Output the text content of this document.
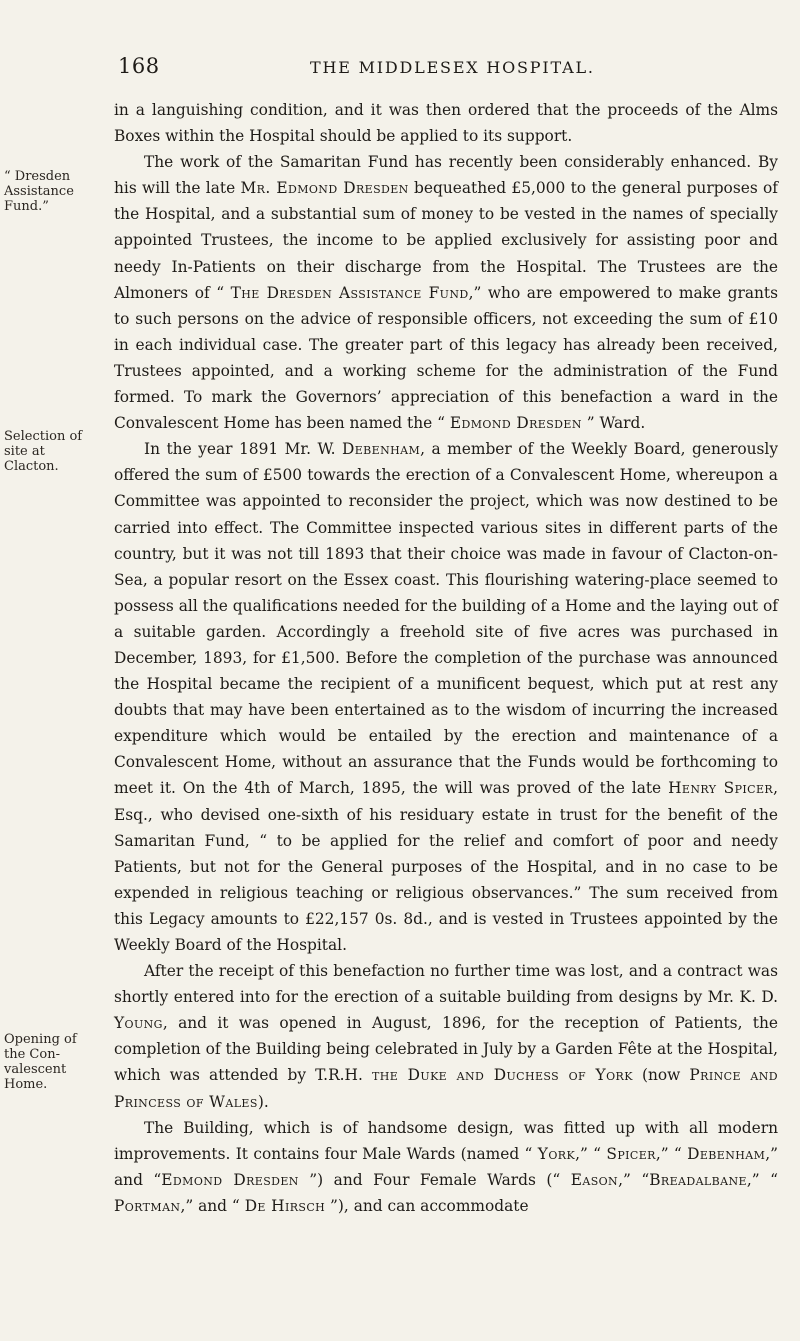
168	THE MIDDLESEX HOSPITAL.
“ Dresden Assistance Fund.”
Selection of site at Clacton.
Opening of the Con-valescent Home.

in a languishing condition, and it was then ordered that the proceeds of the Alms Boxes within the Hospital should be applied to its support.

The work of the Samaritan Fund has recently been considerably enhanced. By his will the late Mr. Edmond Dresden bequeathed £5,000 to the general purposes of the Hospital, and a substantial sum of money to be vested in the names of specially appointed Trustees, the income to be applied exclusively for assisting poor and needy In-Patients on their discharge from the Hospital. The Trustees are the Almoners of “ The Dresden Assistance Fund,” who are empowered to make grants to such persons on the advice of responsible officers, not exceeding the sum of £10 in each individual case. The greater part of this legacy has already been received, Trustees appointed, and a working scheme for the administration of the Fund formed. To mark the Governors’ appreciation of this benefaction a ward in the Convalescent Home has been named the “ Edmond Dresden ” Ward.

In the year 1891 Mr. W. Debenham, a member of the Weekly Board, generously offered the sum of £500 towards the erection of a Convalescent Home, whereupon a Committee was appointed to reconsider the project, which was now destined to be carried into effect. The Committee inspected various sites in different parts of the country, but it was not till 1893 that their choice was made in favour of Clacton-on-Sea, a popular resort on the Essex coast. This flourishing watering-place seemed to possess all the qualifications needed for the building of a Home and the laying out of a suitable garden. Accordingly a freehold site of five acres was purchased in December, 1893, for £1,500. Before the completion of the purchase was announced the Hospital became the recipient of a munificent bequest, which put at rest any doubts that may have been entertained as to the wisdom of incurring the increased expenditure which would be entailed by the erection and maintenance of a Convalescent Home, without an assurance that the Funds would be forthcoming to meet it. On the 4th of March, 1895, the will was proved of the late Henry Spicer, Esq., who devised one-sixth of his residuary estate in trust for the benefit of the Samaritan Fund, “ to be applied for the relief and comfort of poor and needy Patients, but not for the General purposes of the Hospital, and in no case to be expended in religious teaching or religious observances.” The sum received from this Legacy amounts to £22,157 0s. 8d., and is vested in Trustees appointed by the Weekly Board of the Hospital.

After the receipt of this benefaction no further time was lost, and a contract was shortly entered into for the erection of a suitable building from designs by Mr. K. D. Young, and it was opened in August, 1896, for the reception of Patients, the completion of the Building being celebrated in July by a Garden Fête at the Hospital, which was attended by T.R.H. the Duke and Duchess of York (now Prince and Princess of Wales).

The Building, which is of handsome design, was fitted up with all modern improvements. It contains four Male Wards (named “ York,” “ Spicer,” “ Debenham,” and “Edmond Dresden ”) and Four Female Wards (“ Eason,” “Breadalbane,” “ Portman,” and “ De Hirsch ”), and can accommodate
